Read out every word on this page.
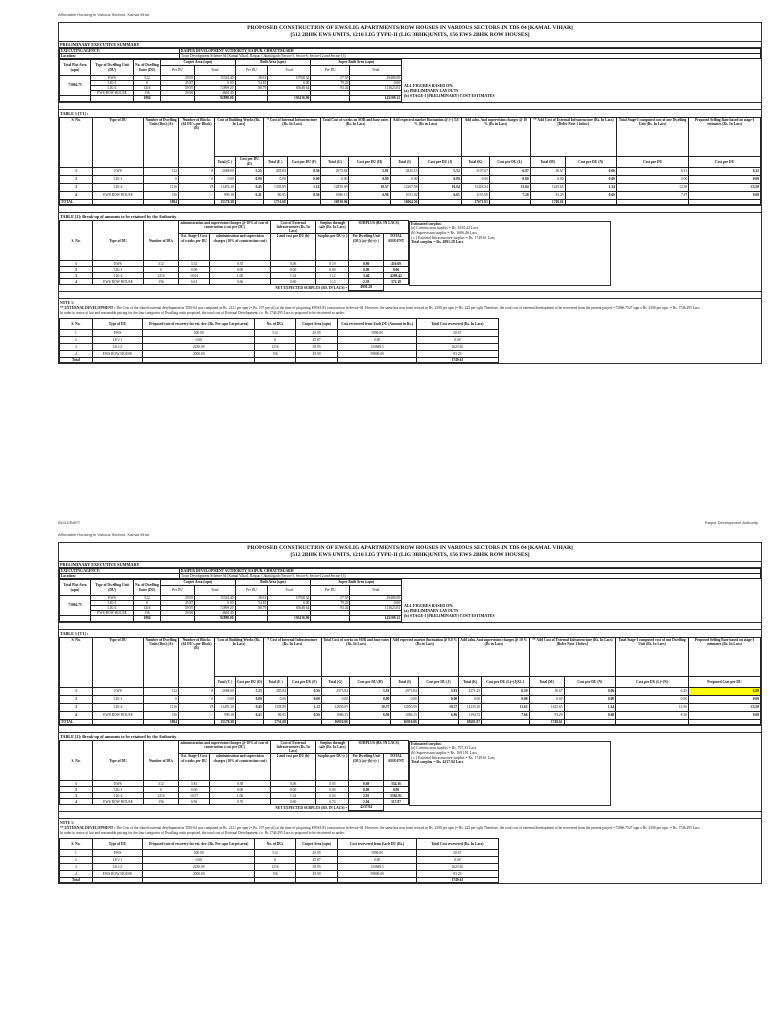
Affordable Housing in Various Sectors, Kamal Vihar
PROPOSED CONSTRUCTION OF EWS/LIG APARTMENTS/ROW HOUSES IN VARIOUS SECTORS IN TDS 04 [KAMAL VIHAR]
[512 2BHK EWS UNITS, 1216 LIG TYPE-II (LIG 3BHK)UNITS, 156 EWS 2BHK ROW HOUSES]
PRELIMINARY EXECUTIVE SUMMARY
EXECUTING AGENCY:	RAIPUR DEVELOPMENT AUTHORITY, RAIPUR, CHHATTISGARH
Location:	Town Development Scheme-04 [Kamal Vihar], Raipur, Chhattisgarh (Sector-5, Sector-6, Sector-12 and Sector-13)
Total Plot Area (sqm)	Type of Dwelling Unit (DU)	No. of Dwelling Units (DU)	Carpet Area (sqm)		Built Area (sqm)		Super Built Area (sqm)	
			Per DU	Total	Per DU	Total	Per DU	Total
73066.75	EWS	512	29.95	15334.40	38.61	19768.32	57.59	29486.08
	LIG-1	0	45.87	0.00	54.49	0.00	79.23	0.00
	LIG-2	1216	59.95	72899.20	68.79	83648.64	93.44	113623.04
	EWS ROW HOUSE	156	29.90	4664.40				
		1884		92898.00		103416.96		143109.12
ALL FIGURES BASED ON:
(a) PRELIMINARY LAYOUTS
(b) STAGE-I [PRELIMINARY] COST ESTIMATES
TABLE 1 [T1] :
S. No.	Type of DU	Number of Dwelling Units (Dus) (A)	Number of Blocks (64 DU's per Block) (B)	Cost of Building Works (Rs. In Lacs)		* Cost of Internal Infrastructure (Rs. In Lacs)		Total Cost of works on SOR and base rates (Rs. In Lacs)		Add expected market fluctuation @ (+) 5.0 % (Rs in Lacs)		Add adm. And supervision charges @ 10 % (Rs in Lacs)		** Add Cost of External Infrastructure (Rs. In Lacs) [Refer Note 1 below]		Total Stage-I computed cost of one Dwelling Unit (Rs. In Lacs)	Proposed Selling Rate based on stage-I estimates (Rs. In Lacs)
				Total (C )	Cost per DU (D)	Total (E )	Cost per DU (F)	Total (G)	Cost per DU (H)	Total (I)	Cost per DU (J)	Total (K)	Cost per DU (L)	Total (M)	Cost per DU (N)	Cost per DU	Cost per DU
1	EWS	512	8	2688.00	5.25	285.84	0.56	2973.84	5.81	2825.15	5.52	3107.67	6.07	30.67	0.06	6.13	6.32
2	LIG-1	0	0	0.00	0.00	0.00	0.00	0.00	0.00	0.00	0.00	0.00	0.00	0.00	0.00	0.00	0.00
3	LIG-2	1216	19	11491.20	9.45	1358.89	1.12	12850.09	10.57	12207.58	10.04	13428.34	11.04	1625.65	1.34	12.38	13.50
4	EWS ROW HOUSE	156	--	999.18	6.41	86.95	0.56	1086.13	6.96	1031.82	6.61	1135.00	7.28	93.29	0.60	7.87	9.00
TOTAL		1884		15178.38		1731.68		16910.06		16064.56		17671.01		1749.61			
TABLE [2]: Break-up of amounts to be retained by the Authority
S. No.	Type of DU	Number of DUs	administration and supervision charges @ 10% of cost of construction (cost per DU)		Cost of External Infrastructure (Rs. In Lacs)	Surplus through sale (Rs. In Lacs)	SURPLUS (RS. IN LACS)	
			Est. Stage-I Cost of works per DU	administration and supervision charges (10% of construction cost)	Land cost per DU (b)	Surplus per DU (c )	Per Dwelling Unit (DU) (a)+(b)+(c )	TOTAL AMOUNT
1	EWS	512	5.52	0.55	0.06	0.19	0.80	410.69
2	LIG-1	0	0.00	0.00	0.00	0.00	0.00	0.00
3	LIG-2	1216	10.04	1.00	1.34	1.12	3.46	4208.42
4	EWS ROW HOUSE	156	6.61	0.66	0.60	1.13	2.39	372.18
NET EXPECTED SURPLUS (RS. IN LACS) =							4991.28	
Estimated surplus:
(a) Construction surplus = Rs. 1635.22 Lacs
(b) Supervision surplus = Rs. 1606.46 Lacs
( c ) External Infrastructure surplus = Rs. 1749.61 Lacs
Total surplus = Rs. 4991.28 Lacs
NOTE 1:
** EXTERNAL DEVELOPMENT : The Cost of the shared external development in TDS-04 was computed as Rs. 2121 per sqm (= Rs. 197 per sft) at the time of proposing EWS/LIG construction in Sector-04. However, the same has now been revised to Rs. 2390 per sqm (= Rs. 222 per sqft) Therefore, the total cost of external development to be recovered from the present project =73066.7527 sqm x Rs. 2390 per sqm. = Rs. 1746.295 Lacs.
In order to arrive at fair and reasonable pricing for the four categories of Dwelling units proposed, the total cost of External Development, i.e. Rs 1746.295 Lacs is proposed to be recovered as under:
S. No.	Type of DU	Proposed rate of recovery for ext. dev. (Rs. Per sqm Carpet area)	No. of DUs	Carpet Area (sqm)	Cost recovered from Each DU (Amount in Rs.)	Total Cost recovered (Rs. In Lacs)
1	EWS	200.00	512	29.95	5990.00	30.67
2	LIG-1	0.00	0	45.87	0.00	0.00
3	LIG-2	2230.00	1216	59.95	133688.5	1625.65
4	EWS ROW HOUSE	2000.00	156	29.90	59800.00	93.29
Total						1749.61
Affordable Housing in Various Sectors, Kamal Vihar
PROPOSED CONSTRUCTION OF EWS/LIG APARTMENTS/ROW HOUSES IN VARIOUS SECTORS IN TDS 04 [KAMAL VIHAR]
[512 2BHK EWS UNITS, 1216 LIG TYPE-II (LIG 3BHK)UNITS, 156 EWS 2BHK ROW HOUSES]
PRELIMINARY EXECUTIVE SUMMARY
EXECUTING AGENCY:	RAIPUR DEVELOPMENT AUTHORITY, RAIPUR, CHHATTISGARH
Location:	Town Development Scheme-04 [Kamal Vihar], Raipur, Chhattisgarh (Sector-5, Sector-6, Sector-12 and Sector-13)
Total Plot Area (sqm)	Type of Dwelling Unit (DU)	No. of Dwelling Units (DU)	Carpet Area (sqm)		Built Area (sqm)		Super Built Area (sqm)	
			Per DU	Total	Per DU	Total	Per DU	Total
73066.75	EWS	512	29.95	15334.40	38.61	19768.32	57.59	29486.08
	LIG-1	0	45.87	0.00	54.49	0.00	79.23	0.00
	LIG-2	1216	59.95	72899.20	68.79	83648.64	93.44	113623.04
	EWS ROW HOUSE	156	29.90	4664.40				
		1884		92898.00		103416.96		143109.12
ALL FIGURES BASED ON:
(a) PRELIMINARY LAYOUTS
(b) STAGE-I [PRELIMINARY] COST ESTIMATES
TABLE 1 [T1] :
S. No.	Type of DU	Number of Dwelling Units (Dus) (A)	Number of Blocks (64 DU's per Block) (B)	Cost of Building Works (Rs. In Lacs)		* Cost of Internal Infrastructure (Rs. In Lacs)		Total Cost of works on SOR and base rates (Rs. In Lacs)		Add expected market fluctuation @ 0.0 % (Rs in Lacs)		Add adm. And supervision charges @ 10 % (Rs in Lacs)		** Add Cost of External Infrastructure (Rs. In Lacs) [Refer Note 1 below]		Total Stage-I computed cost of one Dwelling Unit (Rs. In Lacs)	Proposed Selling Rate based on stage-I estimates (Rs. In Lacs)
				Total (C )	Cost per DU (D)	Total (E )	Cost per DU (F)	Total (G)	Cost per DU (H)	Total (I)	Cost per DU (J)	Total (K)	Cost per DU (L)=(J)X1.1	Total (M)	Cost per DU (N)	Cost per DU (L)+(N)	Proposed Cost per DU
1	EWS	512	8	2688.00	5.25	285.84	0.56	2973.84	5.81	2973.84	5.81	3271.23	6.39	30.67	0.06	6.45	6.50
2	LIG-1	0	0	0.00	0.00	0.00	0.00	0.00	0.00	0.00	0.00	0.00	0.00	0.00	0.00	0.00	0.00
3	LIG-2	1216	19	11491.20	9.45	1358.89	1.12	12850.09	10.57	12850.09	10.57	14135.10	11.62	1625.65	1.34	12.96	13.50
4	EWS ROW HOUSE	156	--	999.18	6.41	86.95	0.56	1086.13	6.96	1086.13	6.96	1194.74	7.66	93.29	0.60	8.26	9.00
TOTAL		1884		15178.38		1731.68		16910.06		16910.06		18601.07		1749.61			
TABLE [2]: Break-up of amounts to be retained by the Authority
S. No.	Type of DU	Number of DUs	administration and supervision charges @ 10% of cost of construction (cost per DU)		Cost of External Infrastructure (Rs. In Lacs)	Surplus through sale (Rs. In Lacs)	SURPLUS (RS. IN LACS)	
			Est. Stage-I Cost of works per DU	administration and supervision charges (10% of construction cost)	Land cost per DU (b)	Surplus per DU (c )	Per Dwelling Unit (DU) (a)+(b)+(c )	TOTAL AMOUNT
1	EWS	512	5.81	0.58	0.06	0.05	0.69	354.16
2	LIG-1	0	0.00	0.00	0.00	0.00	0.00	0.00
3	LIG-2	1216	10.57	1.06	1.34	0.54	2.93	3565.91
4	EWS ROW HOUSE	156	6.96	0.70	0.60	0.74	2.04	317.87
NET EXPECTED SURPLUS (RS. IN LACS) =							4237.94	
Estimated surplus:
(a) Construction surplus = Rs. 797.33 Lacs
(b) Supervision surplus = Rs. 1691.01 Lacs
( c ) External Infrastructure surplus = Rs. 1749.61 Lacs
Total surplus = Rs. 4237.94 Lacs
NOTE 1:
** EXTERNAL DEVELOPMENT : The Cost of the shared external development in TDS-04 was computed as Rs. 2121 per sqm (= Rs. 197 per sft) at the time of proposing EWS/LIG construction in Sector-04. However, the same has now been revised to Rs. 2390 per sqm (= Rs. 222 per sqft) Therefore, the total cost of external development to be recovered from the present project =73066.7527 sqm x Rs. 2390 per sqm. = Rs. 1746.295 Lacs.
In order to arrive at fair and reasonable pricing for the four categories of Dwelling units proposed, the total cost of External Development, i.e. Rs 1746.295 Lacs is proposed to be recovered as under:
S. No.	Type of DU	Proposed rate of recovery for ext. dev. (Rs. Per sqm Carpet area)	No. of DUs	Carpet Area (sqm)	Cost recovered from Each DU (Rs.)	Total Cost recovered (Rs. In Lacs)
1	EWS	200.00	512	29.95	5990.00	30.67
2	LIG-1	0.00	0	45.87	0.00	0.00
3	LIG-2	2230.00	1216	59.95	133688.5	1625.65
4	EWS ROW HOUSE	2000.00	156	29.90	59800.00	93.29
Total						1749.61
BUILDRAFT	Raipur Development Authority
